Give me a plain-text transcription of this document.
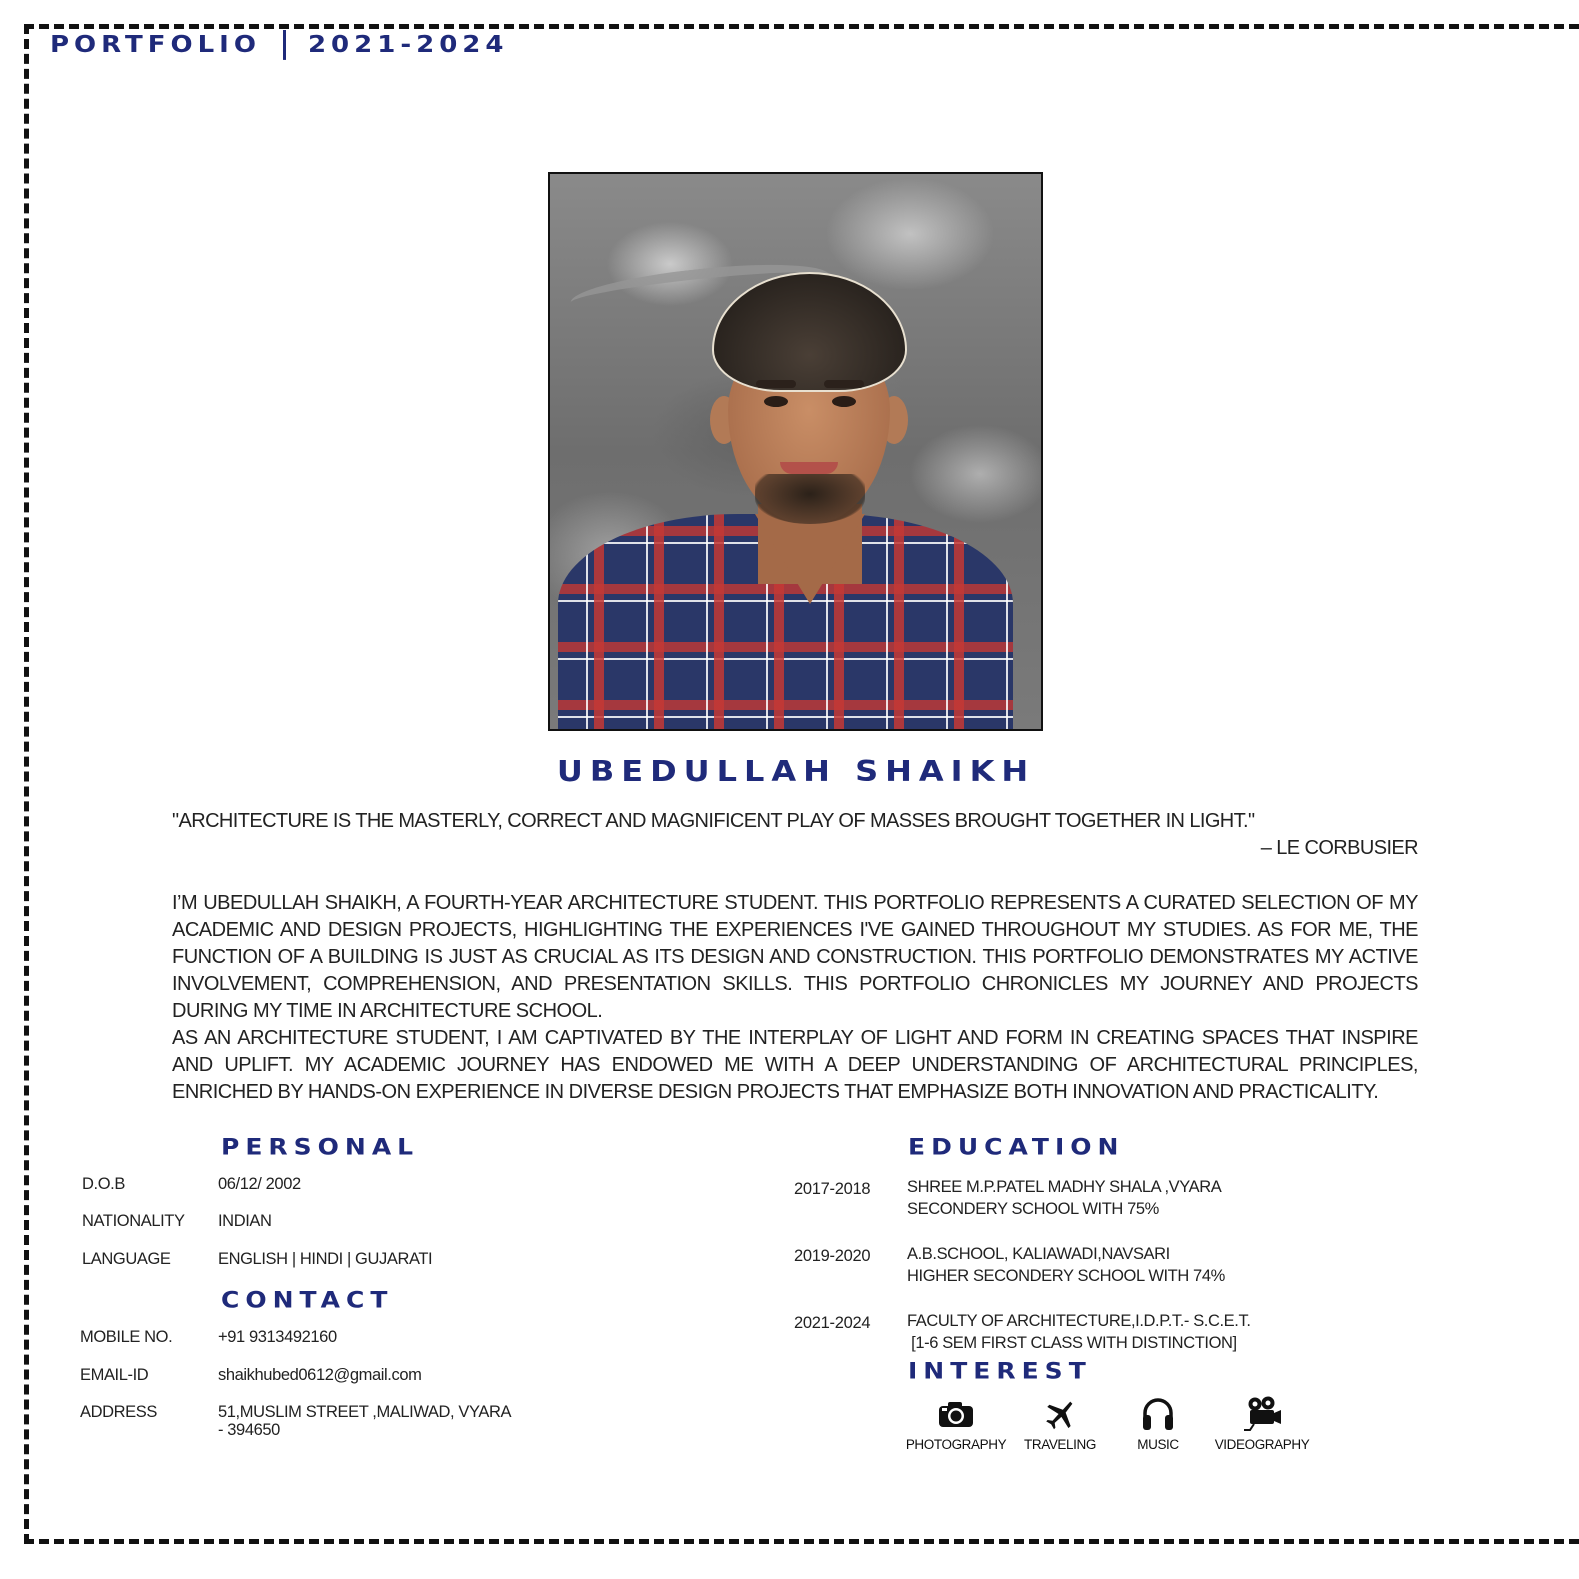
PORTFOLIO 2021-2024
UBEDULLAH SHAIKH
"ARCHITECTURE IS THE MASTERLY, CORRECT AND MAGNIFICENT PLAY OF MASSES BROUGHT TOGETHER IN LIGHT."
– LE CORBUSIER

I’M UBEDULLAH SHAIKH, A FOURTH-YEAR ARCHITECTURE STUDENT. THIS PORTFOLIO REPRESENTS A CURATED SELECTION OF MY ACADEMIC AND DESIGN PROJECTS, HIGHLIGHTING THE EXPERIENCES I'VE GAINED THROUGHOUT MY STUDIES. AS FOR ME, THE FUNCTION OF A BUILDING IS JUST AS CRUCIAL AS ITS DESIGN AND CONSTRUCTION. THIS PORTFOLIO DEMONSTRATES MY ACTIVE INVOLVEMENT, COMPREHENSION, AND PRESENTATION SKILLS. THIS PORTFOLIO CHRONICLES MY JOURNEY AND PROJECTS DURING MY TIME IN ARCHITECTURE SCHOOL.

AS AN ARCHITECTURE STUDENT, I AM CAPTIVATED BY THE INTERPLAY OF LIGHT AND FORM IN CREATING SPACES THAT INSPIRE AND UPLIFT. MY ACADEMIC JOURNEY HAS ENDOWED ME WITH A DEEP UNDERSTANDING OF ARCHITECTURAL PRINCIPLES, ENRICHED BY HANDS-ON EXPERIENCE IN DIVERSE DESIGN PROJECTS THAT EMPHASIZE BOTH INNOVATION AND PRACTICALITY.

PERSONAL
D.O.B	06/12/ 2002
NATIONALITY INDIAN
LANGUAGE	ENGLISH | HINDI | GUJARATI
CONTACT
MOBILE NO.	+91 9313492160
EMAIL-ID	shaikhubed0612@gmail.com
ADDRESS	51,MUSLIM STREET ,MALIWAD, VYARA
- 394650
EDUCATION
2017-2018 SHREE M.P.PATEL MADHY SHALA ,VYARA
SECONDERY SCHOOL WITH 75%
2019-2020 A.B.SCHOOL, KALIAWADI,NAVSARI
HIGHER SECONDERY SCHOOL WITH 74%
2021-2024 FACULTY OF ARCHITECTURE,I.D.P.T.- S.C.E.T.
[1-6 SEM FIRST CLASS WITH DISTINCTION]
INTEREST
PHOTOGRAPHY TRAVELING	MUSIC	VIDEOGRAPHY
